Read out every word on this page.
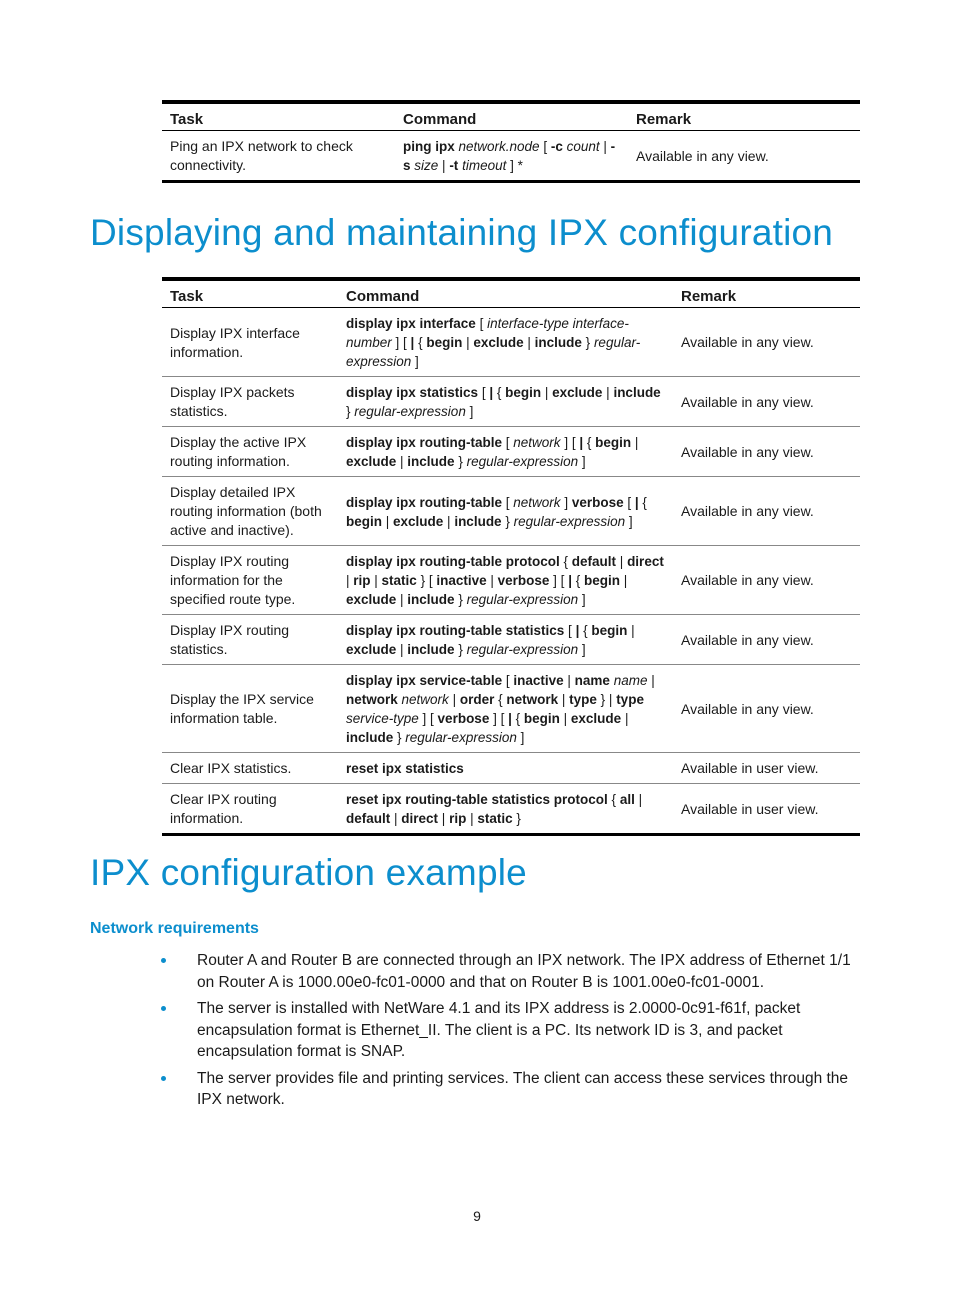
Task	Command	Remark
Ping an IPX network to check connectivity.	ping ipx network.node [ -c count | -s size | -t timeout ] *	Available in any view.
Displaying and maintaining IPX configuration
Task	Command	Remark
Display IPX interface information.	display ipx interface [ interface-type interface-number ] [ | { begin | exclude | include } regular-expression ]	Available in any view.
Display IPX packets statistics.	display ipx statistics [ | { begin | exclude | include } regular-expression ]	Available in any view.
Display the active IPX routing information.	display ipx routing-table [ network ] [ | { begin | exclude | include } regular-expression ]	Available in any view.
Display detailed IPX routing information (both active and inactive).	display ipx routing-table [ network ] verbose [ | { begin | exclude | include } regular-expression ]	Available in any view.
Display IPX routing information for the specified route type.	display ipx routing-table protocol { default | direct | rip | static } [ inactive | verbose ] [ | { begin | exclude | include } regular-expression ]	Available in any view.
Display IPX routing statistics.	display ipx routing-table statistics [ | { begin | exclude | include } regular-expression ]	Available in any view.
Display the IPX service information table.	display ipx service-table [ inactive | name name | network network | order { network | type } | type service-type ] [ verbose ] [ | { begin | exclude | include } regular-expression ]	Available in any view.
Clear IPX statistics.	reset ipx statistics	Available in user view.
Clear IPX routing information.	reset ipx routing-table statistics protocol { all | default | direct | rip | static }	Available in user view.
IPX configuration example
Network requirements
Router A and Router B are connected through an IPX network. The IPX address of Ethernet 1/1 on Router A is 1000.00e0-fc01-0000 and that on Router B is 1001.00e0-fc01-0001.
The server is installed with NetWare 4.1 and its IPX address is 2.0000-0c91-f61f, packet encapsulation format is Ethernet_II. The client is a PC. Its network ID is 3, and packet encapsulation format is SNAP.
The server provides file and printing services. The client can access these services through the IPX network.
9
